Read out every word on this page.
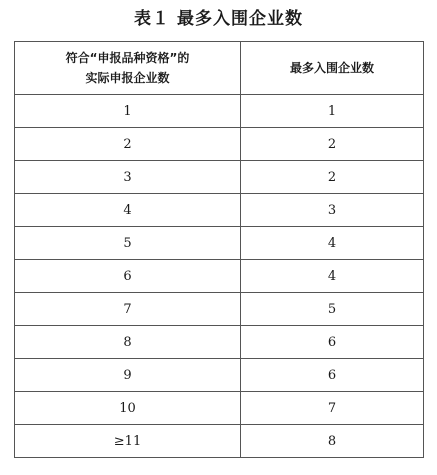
表１ 最多入围企业数
符合“申报品种资格”的
实际申报企业数	最多入围企业数
1	1
2	2
3	2
4	3
5	4
6	4
7	5
8	6
9	6
10	7
≥11	8
